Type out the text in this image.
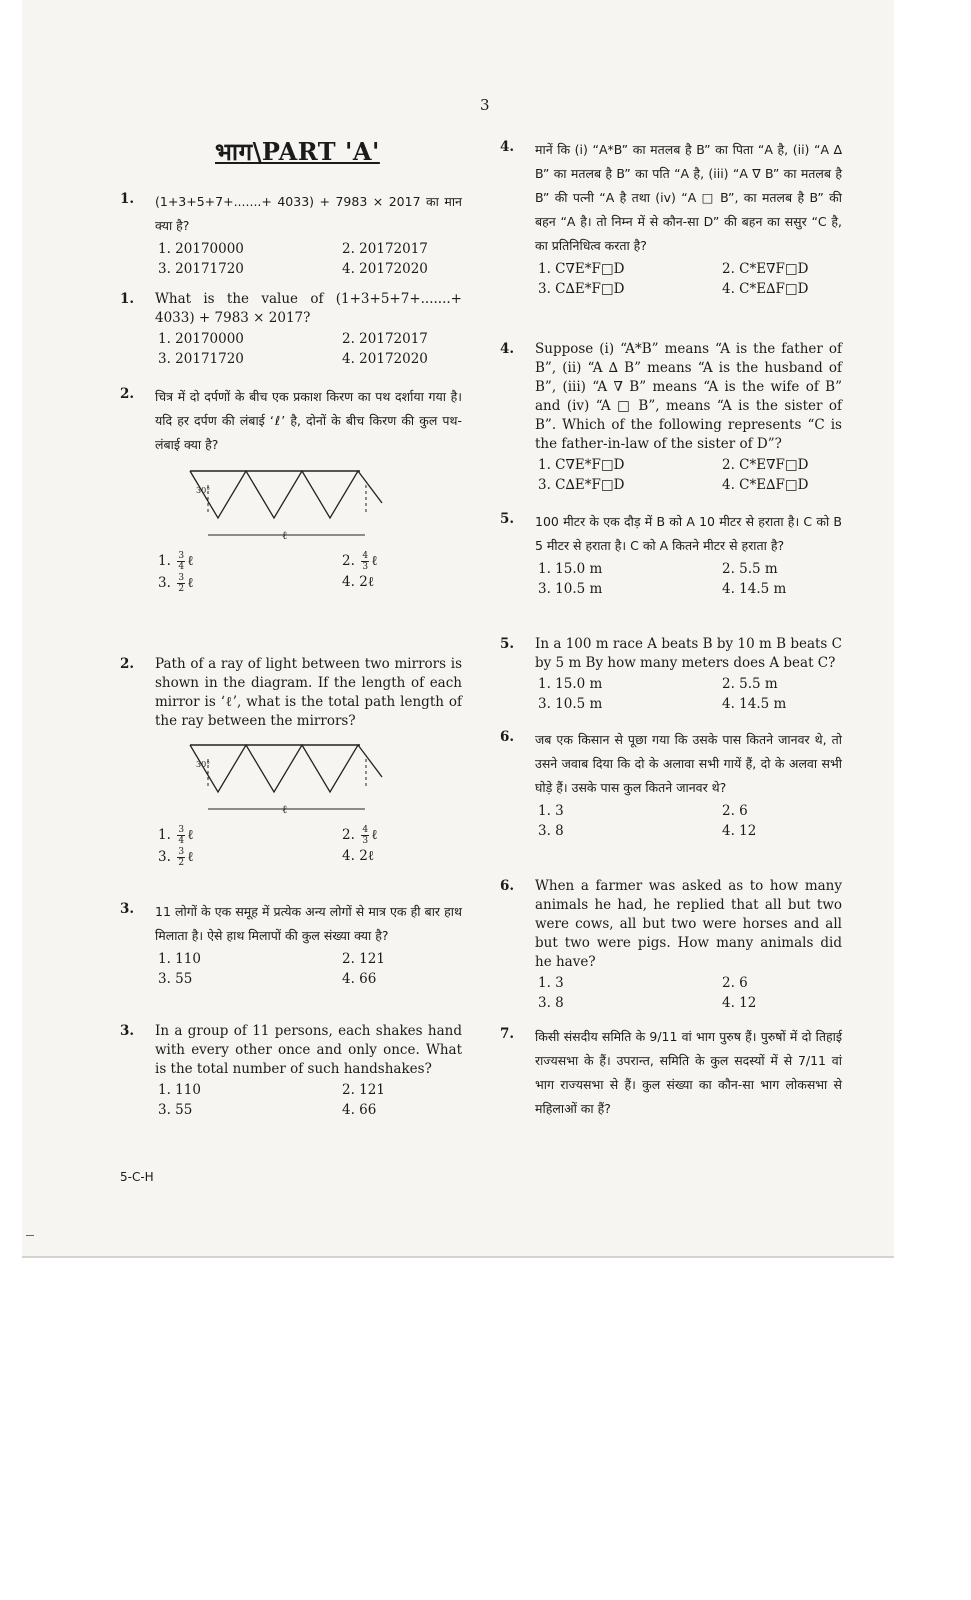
3
भाग\PART 'A'
1.	(1+3+5+7+.......+ 4033) + 7983 × 2017 का मान क्या है?
1. 20170000	2. 20172017
3. 20171720	4. 20172020
1.	What is the value of (1+3+5+7+.......+ 4033) + 7983 × 2017?
1. 20170000	2. 20172017
3. 20171720	4. 20172020
2.	चित्र में दो दर्पणों के बीच एक प्रकाश किरण का पथ दर्शाया गया है। यदि हर दर्पण की लंबाई ‘ℓ’ है, दोनों के बीच किरण की कुल पथ-लंबाई क्या है?
30°
ℓ
1. $\frac{3}{4}$ ℓ	2. $\frac{4}{3}$ ℓ
3. $\frac{3}{2}$ ℓ	4. 2ℓ
2.	Path of a ray of light between two mirrors is shown in the diagram. If the length of each mirror is ‘ℓ’, what is the total path length of the ray between the mirrors?
30°
ℓ
1. $\frac{3}{4}$ ℓ	2. $\frac{4}{3}$ ℓ
3. $\frac{3}{2}$ ℓ	4. 2ℓ
3.	11 लोगों के एक समूह में प्रत्येक अन्य लोगों से मात्र एक ही बार हाथ मिलाता है। ऐसे हाथ मिलापों की कुल संख्या क्या है?
1. 110	2. 121
3. 55	4. 66
3.	In a group of 11 persons, each shakes hand with every other once and only once. What is the total number of such handshakes?
1. 110	2. 121
3. 55	4. 66
4.	मानें कि (i) “A*B” का मतलब है B” का पिता “A है, (ii) “A ∆ B” का मतलब है B” का पति “A है, (iii) “A ∇ B” का मतलब है B” की पत्नी “A है तथा (iv) “A □ B”, का मतलब है B” की बहन “A है। तो निम्न में से कौन-सा D” की बहन का ससुर “C है, का प्रतिनिधित्व करता है?
1. C∇E*F□D	2. C*E∇F□D
3. C∆E*F□D	4. C*E∆F□D
4.	Suppose (i) “A*B” means “A is the father of B”, (ii) “A ∆ B” means “A is the husband of B”, (iii) “A ∇ B” means “A is the wife of B” and (iv) “A □ B”, means “A is the sister of B”. Which of the following represents “C is the father-in-law of the sister of D”?
1. C∇E*F□D	2. C*E∇F□D
3. C∆E*F□D	4. C*E∆F□D
5.	100 मीटर के एक दौड़ में B को A 10 मीटर से हराता है। C को B 5 मीटर से हराता है। C को A कितने मीटर से हराता है?
1. 15.0 m	2. 5.5 m
3. 10.5 m	4. 14.5 m
5.	In a 100 m race A beats B by 10 m B beats C by 5 m By how many meters does A beat C?
1. 15.0 m	2. 5.5 m
3. 10.5 m	4. 14.5 m
6.	जब एक किसान से पूछा गया कि उसके पास कितने जानवर थे, तो उसने जवाब दिया कि दो के अलावा सभी गायें हैं, दो के अलवा सभी घोड़े हैं। उसके पास कुल कितने जानवर थे?
1. 3	2. 6
3. 8	4. 12
6.	When a farmer was asked as to how many animals he had, he replied that all but two were cows, all but two were horses and all but two were pigs. How many animals did he have?
1. 3	2. 6
3. 8	4. 12
7.	किसी संसदीय समिति के 9/11 वां भाग पुरुष हैं। पुरुषों में दो तिहाई राज्यसभा के हैं। उपरान्त, समिति के कुल सदस्यों में से 7/11 वां भाग राज्यसभा से हैं। कुल संख्या का कौन-सा भाग लोकसभा से महिलाओं का हैं?
5-C-H
